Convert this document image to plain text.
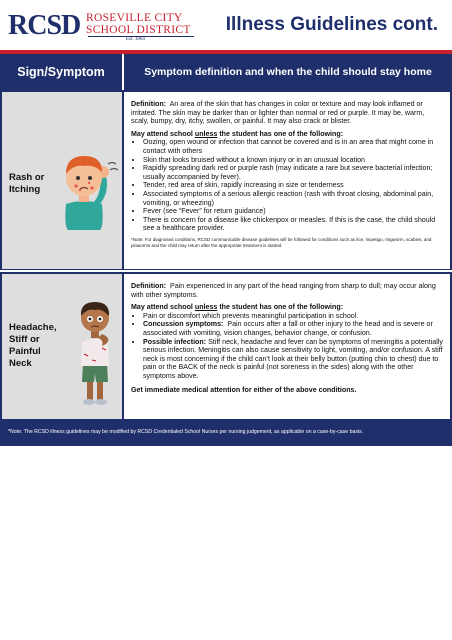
RCSD ROSEVILLE CITY
SCHOOL DISTRICT
Est. 1864
Illness Guidelines cont.
Sign/Symptom	Symptom definition and when the child should stay home
Rash or
Itching

Definition: An area of the skin that has changes in color or texture and may look inflamed or irritated. The skin may be darker than or lighter than normal or red or purple. It may be, warm, scaly, bumpy, dry, itchy, swollen, or painful. It may also crack or blister.

May attend school unless the student has one of the following:

• Oozing, open wound or infection that cannot be covered and is in an area that might come in contact with others
• Skin that looks bruised without a known injury or in an unusual location
• Rapidly spreading dark red or purple rash (may indicate a rare but severe bacterial infection; usually accompanied by fever).
• Tender, red area of skin, rapidly increasing in size or tenderness
• Associated symptoms of a serious allergic reaction (rash with throat closing, abdominal pain, vomiting, or wheezing)
• Fever (see “Fever” for return guidance)
• There is concern for a disease like chickenpox or measles. If this is the case, the child should see a healthcare provider.

*Note: For diagnosed conditions, RCSD communicable disease guidelines will be followed for conditions such as lice, impetigo, ringworm, scabies, and pinworms and the child may return after the appropriate treatment is started

Headache,
Stiff or
Painful
Neck

Definition: Pain experienced in any part of the head ranging from sharp to dull; may occur along with other symptoms.

May attend school unless the student has one of the following:

• Pain or discomfort which prevents meaningful participation in school.
• Concussion symptoms: Pain occurs after a fall or other injury to the head and is severe or associated with vomiting, vision changes, behavior change, or confusion.
• Possible infection: Stiff neck, headache and fever can be symptoms of meningitis a potentially serious infection. Meningitis can also cause sensitivity to light, vomiting, and/or confusion. A stiff neck is most concerning if the child can’t look at their belly button (putting chin to chest) due to pain or the BACK of the neck is painful (not soreness in the sides) along with the other symptoms above.

Get immediate medical attention for either of the above conditions.

*Note: The RCSD illness guidelines may be modified by RCSD Credentialed School Nurses per nursing judgement, as applicable on a case-by-case basis.
